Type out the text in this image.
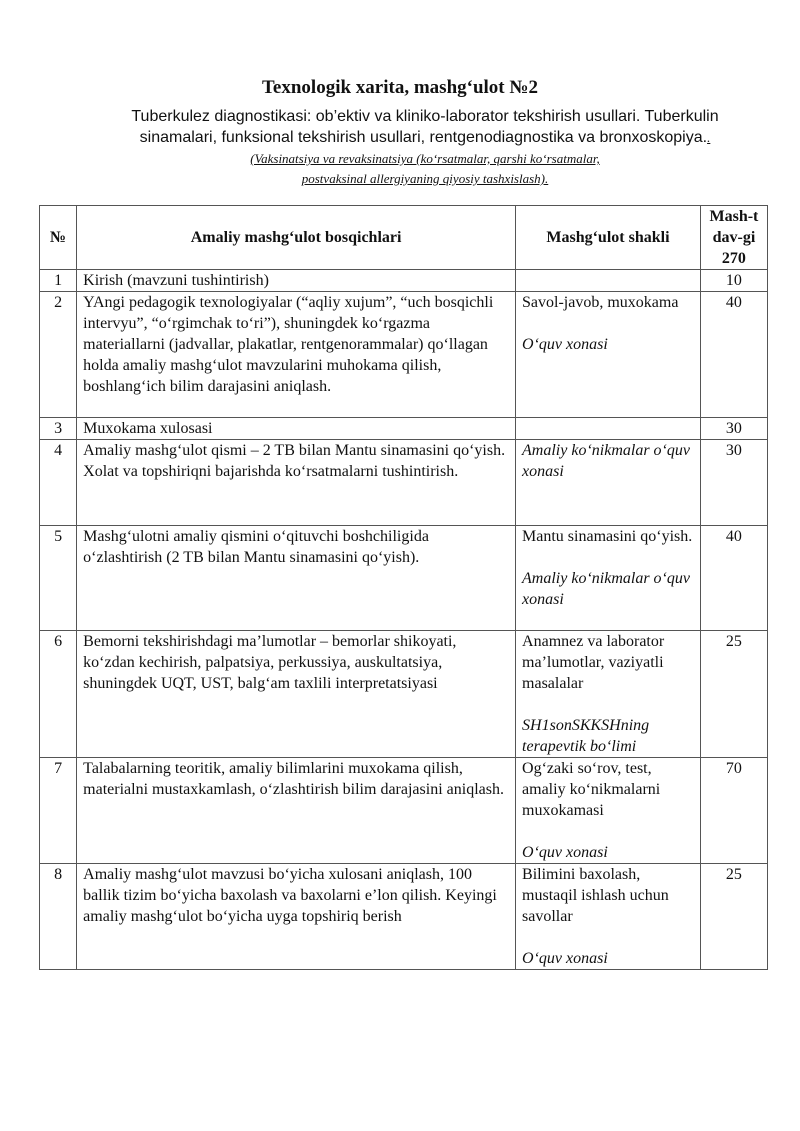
Texnologik xarita, mashg‘ulot №2
Tuberkulez diagnostikasi: ob’ektiv va kliniko-laborator tekshirish usullari. Tuberkulin sinamalari, funksional tekshirish usullari, rentgenodiagnostika va bronxoskopiya.. (Vaksinatsiya va revaksinatsiya (ko‘rsatmalar, qarshi ko‘rsatmalar,
postvaksinal allergiyaning qiyosiy tashxislash).
№	Amaliy mashg‘ulot bosqichlari	Mashg‘ulot shakli	Mash-t
dav-gi
270

1	Kirish (mavzuni tushintirish)		10
2	YAngi pedagogik texnologiyalar (“aqliy xujum”, “uch bosqichli intervyu”, “o‘rgimchak to‘ri”), shuningdek ko‘rgazma materiallarni (jadvallar, plakatlar, rentgenorammalar) qo‘llagan holda amaliy mashg‘ulot mavzularini muhokama qilish, boshlang‘ich bilim darajasini aniqlash.	Savol-javob, muxokama
O‘quv xonasi	40
3	Muxokama xulosasi		30
4	Amaliy mashg‘ulot qismi – 2 TB bilan Mantu sinamasini qo‘yish. Xolat va topshiriqni bajarishda ko‘rsatmalarni tushintirish.	Amaliy ko‘nikmalar o‘quv xonasi	30
5	Mashg‘ulotni amaliy qismini o‘qituvchi boshchiligida o‘zlashtirish (2 TB bilan Mantu sinamasini qo‘yish).	Mantu sinamasini qo‘yish.
Amaliy ko‘nikmalar o‘quv xonasi	40
6	Bemorni tekshirishdagi ma’lumotlar – bemorlar shikoyati, ko‘zdan kechirish, palpatsiya, perkussiya, auskultatsiya, shuningdek UQT, UST, balg‘am taxlili interpretatsiyasi	Anamnez va laborator ma’lumotlar, vaziyatli masalalar
SH1sonSKKSHning terapevtik bo‘limi	25
7	Talabalarning teoritik, amaliy bilimlarini muxokama qilish, materialni mustaxkamlash, o‘zlashtirish bilim darajasini aniqlash.	Og‘zaki so‘rov, test, amaliy ko‘nikmalarni muxokamasi
O‘quv xonasi	70
8	Amaliy mashg‘ulot mavzusi bo‘yicha xulosani aniqlash, 100 ballik tizim bo‘yicha baxolash va baxolarni e’lon qilish. Keyingi amaliy mashg‘ulot bo‘yicha uyga topshiriq berish	Bilimini baxolash, mustaqil ishlash uchun savollar
O‘quv xonasi	25
